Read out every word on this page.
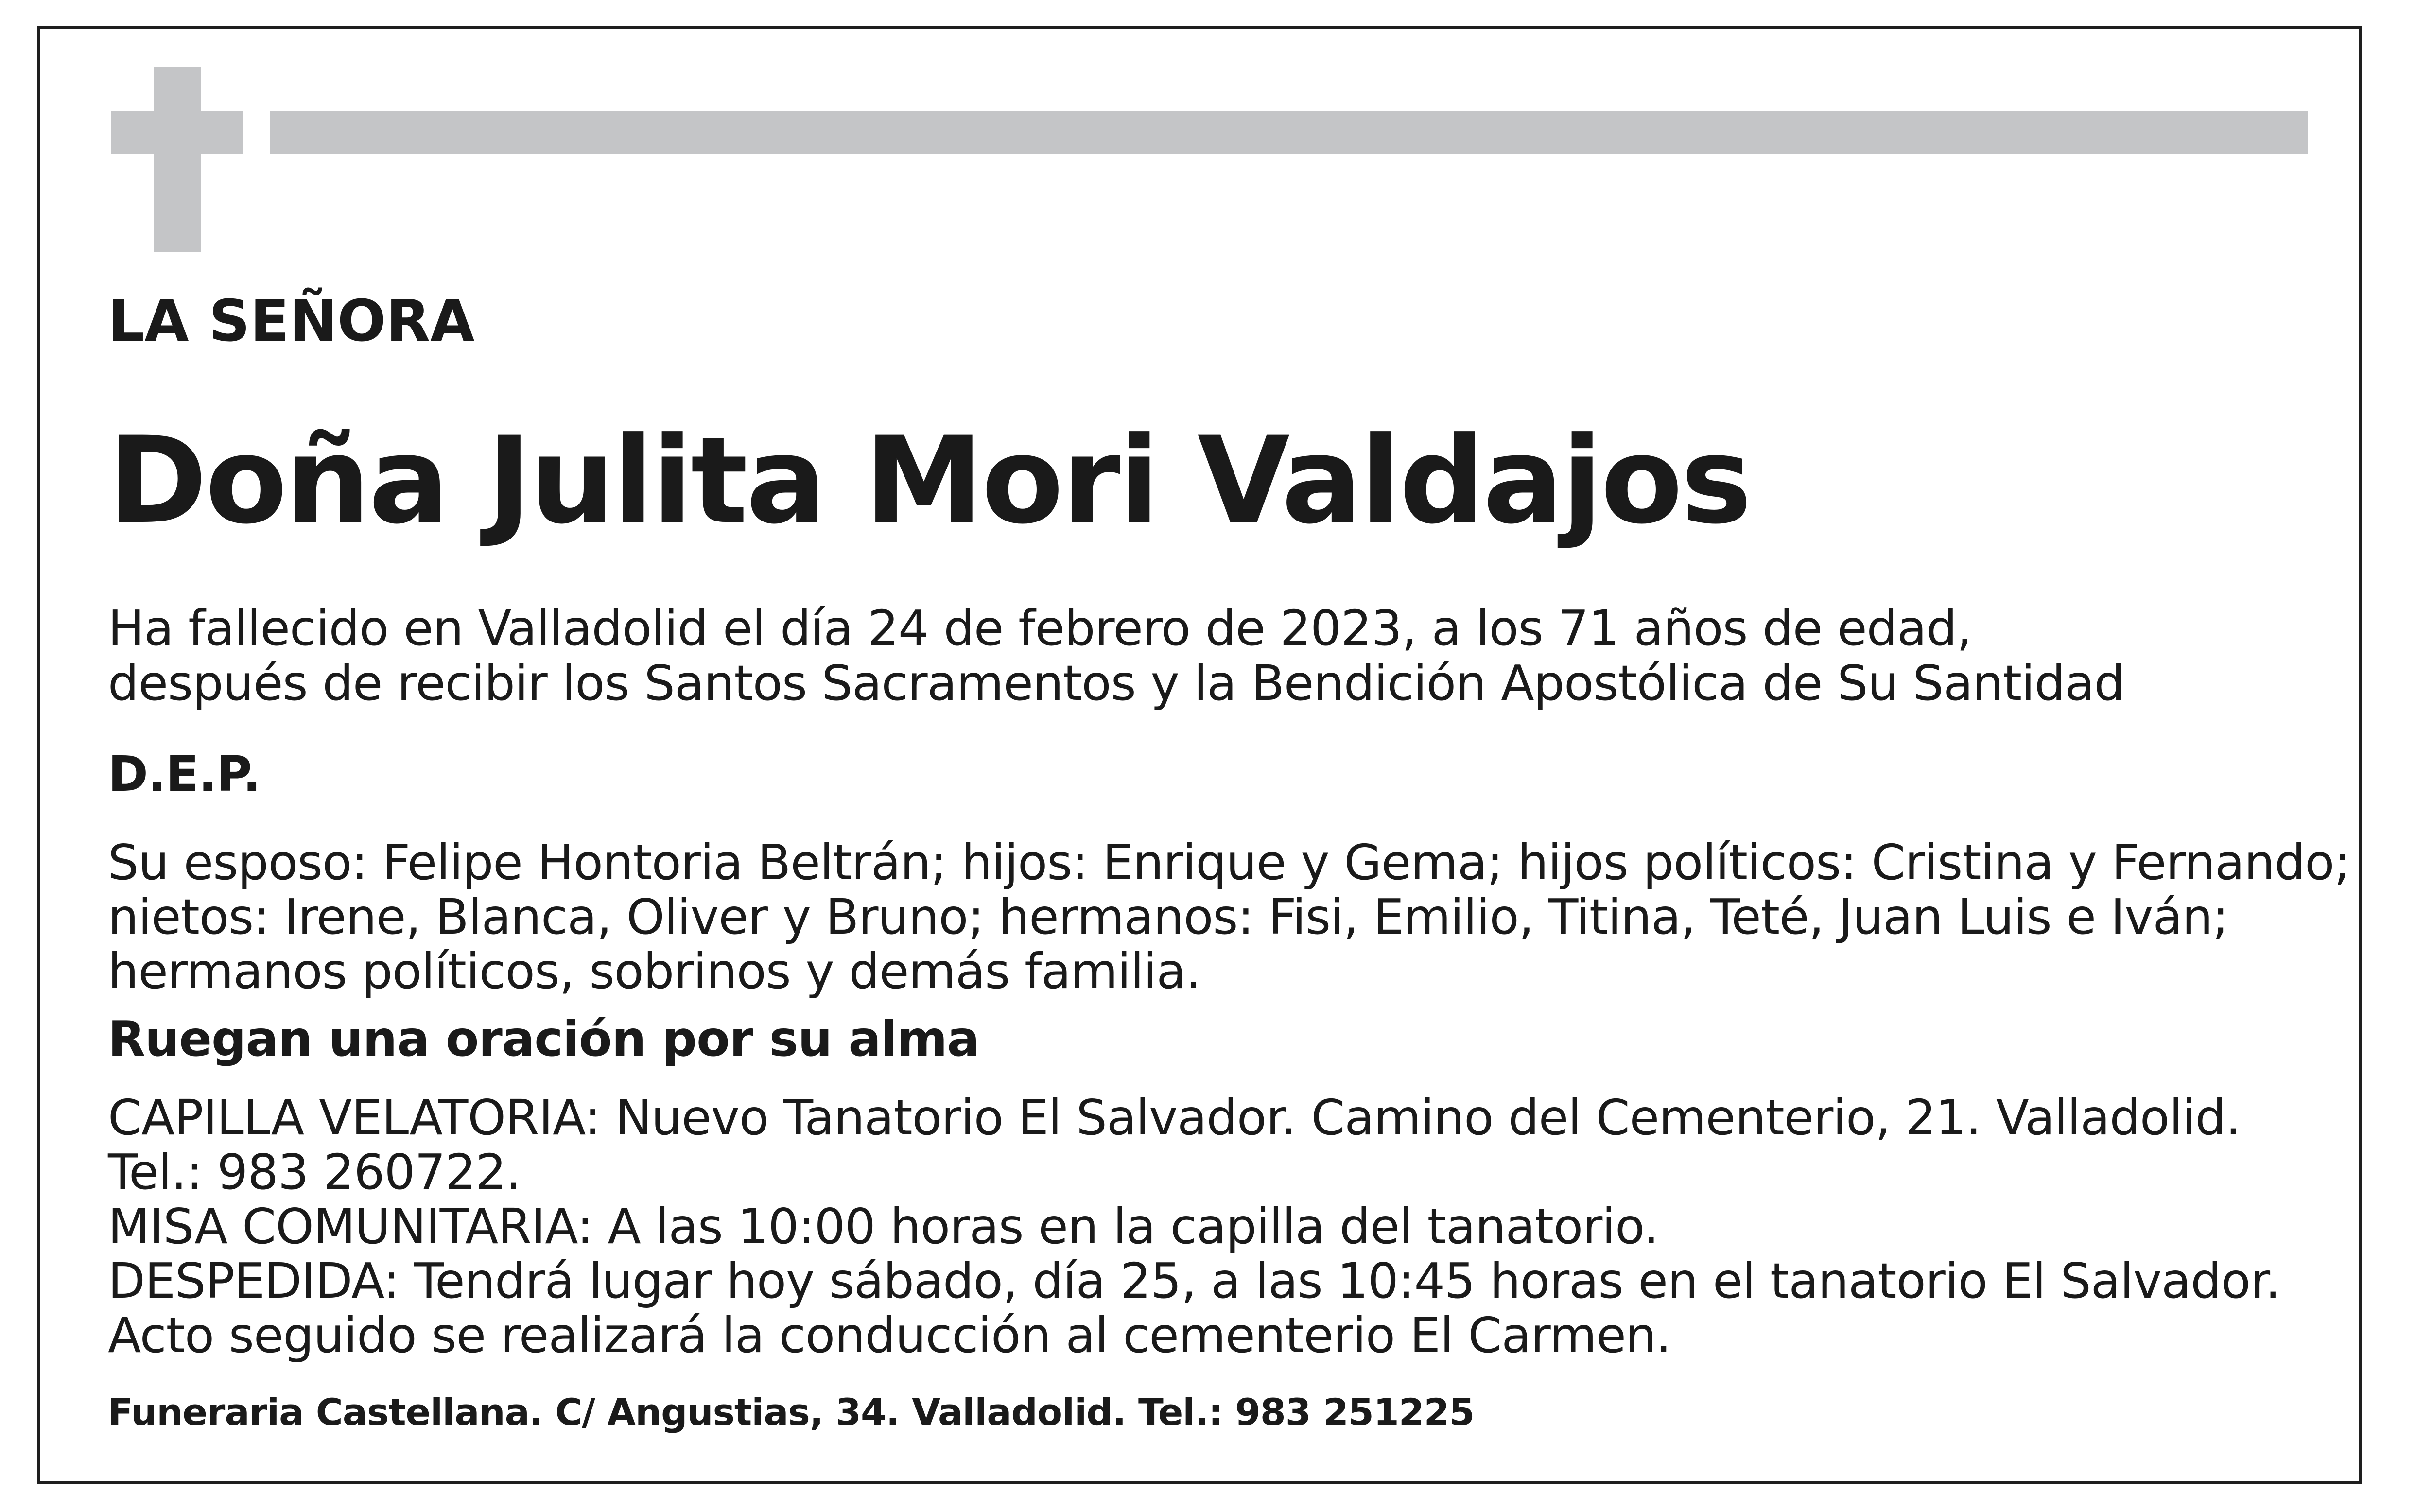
LA SEÑORA

Doña Julita Mori Valdajos

Ha fallecido en Valladolid el día 24 de febrero de 2023, a los 71 años de edad,

después de recibir los Santos Sacramentos y la Bendición Apostólica de Su Santidad

D.E.P.

Su esposo: Felipe Hontoria Beltrán; hijos: Enrique y Gema; hijos políticos: Cristina y Fernando;

nietos: Irene, Blanca, Oliver y Bruno; hermanos: Fisi, Emilio, Titina, Teté, Juan Luis e Iván;

hermanos políticos, sobrinos y demás familia.

Ruegan una oración por su alma

CAPILLA VELATORIA: Nuevo Tanatorio El Salvador. Camino del Cementerio, 21. Valladolid.

Tel.: 983 260722.

MISA COMUNITARIA: A las 10:00 horas en la capilla del tanatorio.

DESPEDIDA: Tendrá lugar hoy sábado, día 25, a las 10:45 horas en el tanatorio El Salvador.

Acto seguido se realizará la conducción al cementerio El Carmen.

Funeraria Castellana. C/ Angustias, 34. Valladolid. Tel.: 983 251225
